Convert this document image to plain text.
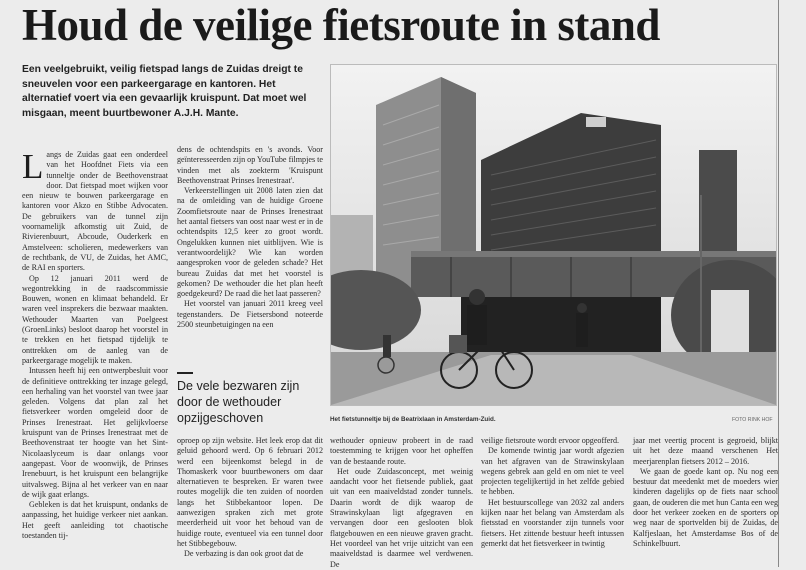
Houd de veilige fietsroute in stand
Een veelgebruikt, veilig fietspad langs de Zuidas dreigt te sneuvelen voor een parkeergarage en kantoren. Het alternatief voert via een gevaarlijk kruispunt. Dat moet wel misgaan, meent buurtbewoner A.J.H. Mante.
Het fietstunneltje bij de Beatrixlaan in Amsterdam-Zuid.	FOTO RINK HOF

Langs de Zuidas gaat een onderdeel van het Hoofdnet Fiets via een tunneltje onder de Beethovenstraat door. Dat fietspad moet wijken voor een nieuw te bouwen parkeergarage en kantoren voor Akzo en Stibbe Advocaten. De gebruikers van de tunnel zijn voornamelijk afkomstig uit Zuid, de Rivierenbuurt, Abcoude, Ouderkerk en Amstelveen: scholieren, medewerkers van de rechtbank, de VU, de Zuidas, het AMC, de RAI en sporters.

Op 12 januari 2011 werd de wegontrekking in de raadscommissie Bouwen, wonen en klimaat behandeld. Er waren veel insprekers die bezwaar maakten. Wethouder Maarten van Poelgeest (GroenLinks) besloot daarop het voorstel in te trekken en het fietspad tijdelijk te onttrekken om de aanleg van de parkeergarage mogelijk te maken.

Intussen heeft hij een ontwerpbesluit voor de definitieve onttrekking ter inzage gelegd, een herhaling van het voorstel van twee jaar geleden. Volgens dat plan zal het fietsverkeer worden omgeleid door de Prinses Irenestraat. Het gelijkvloerse kruispunt van de Prinses Irenestraat met de Beethovenstraat ter hoogte van het Sint-Nicolaaslyceum is daar onlangs voor aangepast. Voor de woonwijk, de Prinses Irenebuurt, is het kruispunt een belangrijke uitvalsweg. Bijna al het verkeer van en naar de wijk gaat erlangs.

Gebleken is dat het kruispunt, ondanks de aanpassing, het huidige verkeer niet aankan. Het geeft aanleiding tot chaotische toestanden tij-

dens de ochtendspits en 's avonds. Voor geïnteresseerden zijn op YouTube filmpjes te vinden met als zoekterm 'Kruispunt Beethovenstraat Prinses Irenestraat'.

Verkeerstellingen uit 2008 laten zien dat na de omleiding van de huidige Groene Zoomfietsroute naar de Prinses Irenestraat het aantal fietsers van oost naar west er in de ochtendspits 12,5 keer zo groot wordt. Ongelukken kunnen niet uitblijven. Wie is verantwoordelijk? Wie kan worden aangesproken voor de geleden schade? Het bureau Zuidas dat met het voorstel is gekomen? De wethouder die het plan heeft goedgekeurd? De raad die het laat passeren?

Het voorstel van januari 2011 kreeg veel tegenstanders. De Fietsersbond noteerde 2500 steunbetuigingen na een

De vele bezwaren zijn door de wethouder opzijgeschoven

oproep op zijn website. Het leek erop dat dit geluid gehoord werd. Op 6 februari 2012 werd een bijeenkomst belegd in de Thomaskerk voor buurtbewoners om daar alternatieven te bespreken. Er waren twee routes mogelijk die ten zuiden of noorden langs het Stibbekantoor lopen. De aanwezigen spraken zich met grote meerderheid uit voor het behoud van de huidige route, eventueel via een tunnel door het Stibbegebouw.

De verbazing is dan ook groot dat de

wethouder opnieuw probeert in de raad toestemming te krijgen voor het opheffen van de bestaande route.

Het oude Zuidasconcept, met weinig aandacht voor het fietsende publiek, gaat uit van een maaiveldstad zonder tunnels. Daarin wordt de dijk waarop de Strawinskylaan ligt afgegraven en vervangen door een geslooten blok flatgebouwen en een nieuwe graven gracht. Het voordeel van het vrije uitzicht van een maaiveldstad is daarmee wel verdwenen. De

veilige fietsroute wordt ervoor opgeofferd.

De komende twintig jaar wordt afgezien van het afgraven van de Strawinskylaan wegens gebrek aan geld en om niet te veel projecten tegelijkertijd in het zelfde gebied te hebben.

Het bestuurscollege van 2032 zal anders kijken naar het belang van Amsterdam als fietsstad en voorstander zijn tunnels voor fietsers. Het zittende bestuur heeft intussen gemerkt dat het fietsverkeer in twintig

jaar met veertig procent is gegroeid, blijkt uit het deze maand verschenen Het meerjarenplan fietsers 2012 – 2016.

We gaan de goede kant op. Nu nog een bestuur dat meedenkt met de moeders wier kinderen dagelijks op de fiets naar school gaan, de ouderen die met hun Canta een weg door het verkeer zoeken en de sporters op weg naar de sportvelden bij de Zuidas, de Kalfjeslaan, het Amsterdamse Bos of de Schinkelbuurt.
